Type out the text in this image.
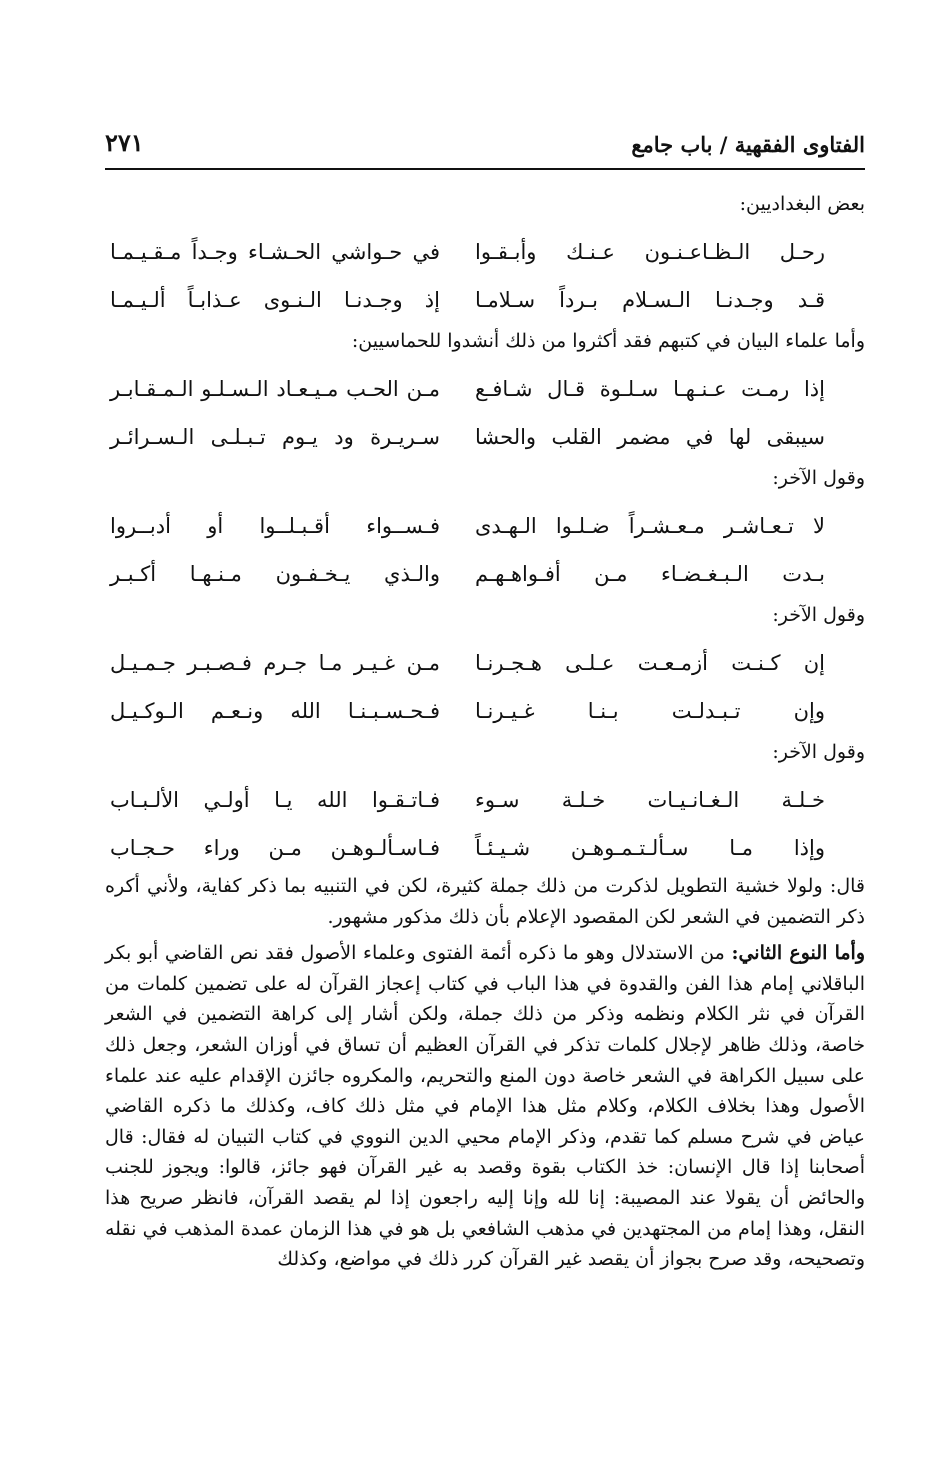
الفتاوى الفقهية / باب جامع
٢٧١
بعض البغداديين:
رحـل الـظـاعـنـون عـنـك وأبـقـوا
في حـواشي الحـشـاء وجـداً مـقـيـمـا
قـد وجـدنـا الـسـلام بـرداً سـلامـا
إذ وجـدنـا الـنـوى عـذابـاً ألـيـمـا
وأما علماء البيان في كتبهم فقد أكثروا من ذلك أنشدوا للحماسيين:
إذا رمـت عـنـهـا سـلـوة قـال شـافـع
مـن الحـب مـيـعـاد الـسـلـو الـمـقـابـر
سيبقى لها في مضمر القلب والحشا
سـريـرة ود يـوم تـبـلـى الـسـرائـر
وقول الآخر:
لا تـعـاشـر مـعـشـراً ضـلـوا الـهـدى
فـســواء أقـبـلــوا أو أدبــروا
بـدت الـبـغـضـاء مـن أفـواهـهـم
والـذي يـخـفـون مـنـهـا أكـبـر
وقول الآخر:
إن كـنـت أزمـعـت عـلـى هـجـرنـا
مـن غـيـر مـا جـرم فـصـبـر جـمـيـل
وإن تـبـدلـت بـنـا غـيـرنـا
فـحـسـبـنـا الله ونـعـم الـوكـيـل
وقول الآخر:
خـلـة الـغـانـيـات خـلـة سـوء
فـاتـقـوا الله يـا أولـي الألـبـاب
وإذا مـا سـألـتـمـوهـن شـيـئـاً
فـاسـألـوهـن مـن وراء حـجـاب
قال: ولولا خشية التطويل لذكرت من ذلك جملة كثيرة، لكن في التنبيه بما ذكر كفاية، ولأني أكره ذكر التضمين في الشعر لكن المقصود الإعلام بأن ذلك مذكور مشهور.
وأما النوع الثاني: من الاستدلال وهو ما ذكره أئمة الفتوى وعلماء الأصول فقد نص القاضي أبو بكر الباقلاني إمام هذا الفن والقدوة في هذا الباب في كتاب إعجاز القرآن له على تضمين كلمات من القرآن في نثر الكلام ونظمه وذكر من ذلك جملة، ولكن أشار إلى كراهة التضمين في الشعر خاصة، وذلك ظاهر لإجلال كلمات تذكر في القرآن العظيم أن تساق في أوزان الشعر، وجعل ذلك على سبيل الكراهة في الشعر خاصة دون المنع والتحريم، والمكروه جائزن الإقدام عليه عند علماء الأصول وهذا بخلاف الكلام، وكلام مثل هذا الإمام في مثل ذلك كاف، وكذلك ما ذكره القاضي عياض في شرح مسلم كما تقدم، وذكر الإمام محيي الدين النووي في كتاب التبيان له فقال: قال أصحابنا إذا قال الإنسان: خذ الكتاب بقوة وقصد به غير القرآن فهو جائز، قالوا: ويجوز للجنب والحائض أن يقولا عند المصيبة: إنا لله وإنا إليه راجعون إذا لم يقصد القرآن، فانظر صريح هذا النقل، وهذا إمام من المجتهدين في مذهب الشافعي بل هو في هذا الزمان عمدة المذهب في نقله وتصحيحه، وقد صرح بجواز أن يقصد غير القرآن كرر ذلك في مواضع، وكذلك
